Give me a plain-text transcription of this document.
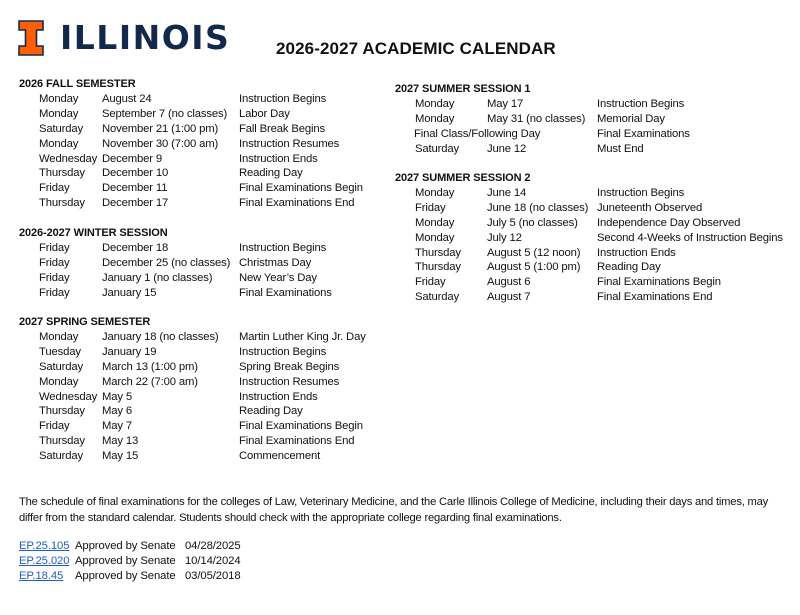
ILLINOIS	2026-2027 ACADEMIC CALENDAR
2026 FALL SEMESTER
Monday	August 24	Instruction Begins
Monday	September 7 (no classes)	Labor Day
Saturday	November 21 (1:00 pm)	Fall Break Begins
Monday	November 30 (7:00 am)	Instruction Resumes
Wednesday December 9	Instruction Ends
Thursday	December 10	Reading Day
Friday	December 11	Final Examinations Begin
Thursday	December 17	Final Examinations End
2026-2027 WINTER SESSION
Friday	December 18	Instruction Begins
Friday	December 25 (no classes) Christmas Day
Friday	January 1 (no classes)	New Year’s Day
Friday	January 15	Final Examinations
2027 SPRING SEMESTER
Monday	January 18 (no classes)	Martin Luther King Jr. Day
Tuesday	January 19	Instruction Begins
Saturday	March 13 (1:00 pm)	Spring Break Begins
Monday	March 22 (7:00 am)	Instruction Resumes
Wednesday May 5	Instruction Ends
Thursday	May 6	Reading Day
Friday	May 7	Final Examinations Begin
Thursday	May 13	Final Examinations End
Saturday	May 15	Commencement
2027 SUMMER SESSION 1
Monday	May 17	Instruction Begins
Monday	May 31 (no classes)	Memorial Day
Final Class/Following Day	Final Examinations
Saturday	June 12	Must End
2027 SUMMER SESSION 2
Monday	June 14	Instruction Begins
Friday	June 18 (no classes) Juneteenth Observed
Monday	July 5 (no classes)	Independence Day Observed
Monday	July 12	Second 4-Weeks of Instruction Begins
Thursday	August 5 (12 noon)	Instruction Ends
Thursday	August 5 (1:00 pm)	Reading Day
Friday	August 6	Final Examinations Begin
Saturday	August 7	Final Examinations End
The schedule of final examinations for the colleges of Law, Veterinary Medicine, and the Carle Illinois College of Medicine, including their days and times, may differ from the standard calendar. Students should check with the appropriate college regarding final examinations.
EP.25.105 Approved by Senate 04/28/2025
EP.25.020 Approved by Senate 10/14/2024
EP.18.45	Approved by Senate 03/05/2018
